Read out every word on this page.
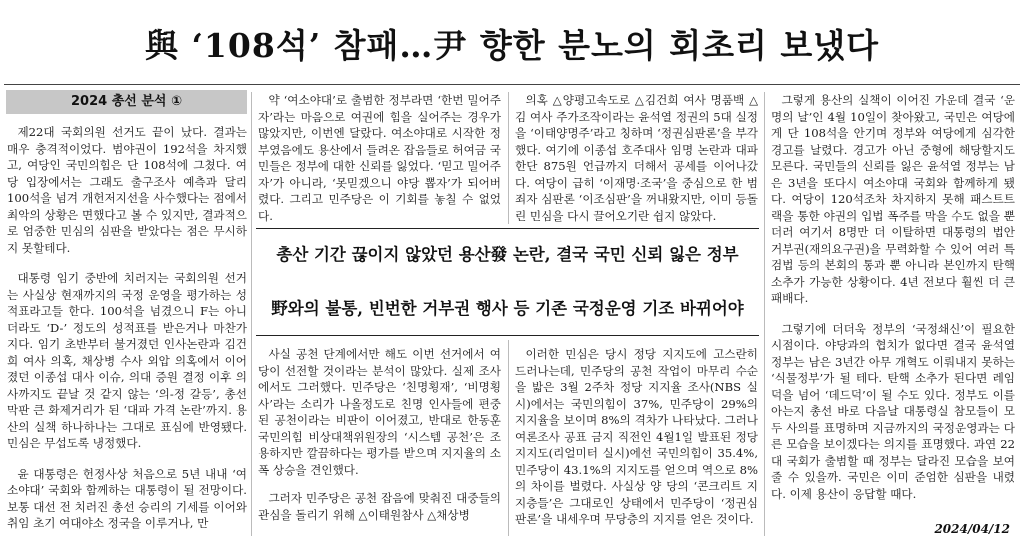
與 ‘108석’ 참패…尹 향한 분노의 회초리 보냈다
2024 총선 분석 ①

제22대 국회의원 선거도 끝이 났다. 결과는 매우 충격적이었다. 범야권이 192석을 차지했고, 여당인 국민의힘은 단 108석에 그쳤다. 여당 입장에서는 그래도 출구조사 예측과 달리 100석을 넘겨 개헌저지선을 사수했다는 점에서 최악의 상황은 면했다고 볼 수 있지만, 결과적으로 엄중한 민심의 심판을 받았다는 점은 무시하지 못할테다.

대통령 임기 중반에 치러지는 국회의원 선거는 사실상 현재까지의 국정 운영을 평가하는 성적표라고들 한다. 100석을 넘겼으니 F는 아니더라도 ‘D-’ 정도의 성적표를 받은거나 마찬가지다. 임기 초반부터 불거졌던 인사논란과 김건희 여사 의혹, 채상병 수사 외압 의혹에서 이어졌던 이종섭 대사 이슈, 의대 증원 결정 이후 의사까지도 끝날 것 같지 않는 ‘의-정 갈등’, 총선 막판 큰 화제거리가 된 ‘대파 가격 논란’까지. 용산의 실책 하나하나는 그대로 표심에 반영됐다. 민심은 무섭도록 냉정했다.

윤 대통령은 헌정사상 처음으로 5년 내내 ‘여소야대’ 국회와 함께하는 대통령이 될 전망이다. 보통 대선 전 치러진 총선 승리의 기세를 이어와 취임 초기 여대야소 정국을 이루거나, 만

약 ‘여소야대’로 출범한 정부라면 ‘한번 밀어주자’라는 마음으로 여권에 힘을 실어주는 경우가 많았지만, 이번엔 달랐다. 여소야대로 시작한 정부였음에도 용산에서 들려온 잡음들로 허여금 국민들은 정부에 대한 신뢰를 잃었다. ‘믿고 밀어주자’가 아니라, ‘못믿겠으니 야당 뽑자’가 되어버렸다. 그리고 민주당은 이 기회를 놓칠 수 없었다.

의혹 △양평고속도로 △김건희 여사 명품백 △김 여사 주가조작이라는 윤석열 정권의 5대 실정을 ‘이태양명주’라고 칭하며 ‘정권심판론’을 부각했다. 여기에 이종섭 호주대사 임명 논란과 대파 한단 875원 언급까지 더해서 공세를 이어나갔다. 여당이 급히 ‘이재명·조국’을 중심으로 한 범죄자 심판론 ‘이조심판’을 꺼내왔지만, 이미 등돌린 민심을 다시 끌어오기란 쉽지 않았다.

총산 기간 끊이지 않았던 용산發 논란, 결국 국민 신뢰 잃은 정부
野와의 불통, 빈번한 거부권 행사 등 기존 국정운영 기조 바뀌어야

사실 공천 단계에서만 해도 이번 선거에서 여당이 선전할 것이라는 분석이 많았다. 실제 조사에서도 그러했다. 민주당은 ‘친명횡재’, ‘비명횡사’라는 소리가 나올정도로 친명 인사들에 편중된 공천이라는 비판이 이어졌고, 반대로 한동훈 국민의힘 비상대책위원장의 ‘시스템 공천’은 조용하지만 깔끔하다는 평가를 받으며 지지율의 소폭 상승을 견인했다.

그러자 민주당은 공천 잡음에 맞춰진 대중들의 관심을 돌리기 위해 △이태원참사 △채상병

이러한 민심은 당시 정당 지지도에 고스란히 드러나는데, 민주당의 공천 작업이 마무리 수순을 밟은 3월 2주차 정당 지지율 조사(NBS 실시)에서는 국민의힘이 37%, 민주당이 29%의 지지율을 보이며 8%의 격차가 나타났다. 그러나 여론조사 공표 금지 직전인 4월1일 발표된 정당 지지도(리얼미터 실시)에선 국민의힘이 35.4%, 민주당이 43.1%의 지지도를 얻으며 역으로 8%의 차이를 벌렸다. 사실상 양 당의 ‘콘크리트 지지층들’은 그대로인 상태에서 민주당이 ‘정권심판론’을 내세우며 무당층의 지지를 얻은 것이다.

그렇게 용산의 실책이 이어진 가운데 결국 ‘운명의 날’인 4월 10일이 찾아왔고, 국민은 여당에게 단 108석을 안기며 정부와 여당에게 심각한 경고를 날렸다. 경고가 아닌 중형에 해당할지도 모른다. 국민들의 신뢰를 잃은 윤석열 정부는 남은 3년을 또다시 여소야대 국회와 함께하게 됐다. 여당이 120석조차 차지하지 못해 패스트트랙을 통한 야권의 입법 폭주를 막을 수도 없을 뿐더러 여기서 8명만 더 이탈하면 대통령의 법안 거부권(재의요구권)을 무력화할 수 있어 여러 특검법 등의 본회의 통과 뿐 아니라 본인까지 탄핵소추가 가능한 상황이다. 4년 전보다 훨씬 더 큰 패배다.

그렇기에 더더욱 정부의 ‘국정쇄신’이 필요한 시점이다. 야당과의 협치가 없다면 결국 윤석열 정부는 남은 3년간 아무 개혁도 이뤄내지 못하는 ‘식물정부’가 될 테다. 탄핵 소추가 된다면 레임덕을 넘어 ‘데드덕’이 될 수도 있다. 정부도 이를 아는지 총선 바로 다음날 대통령실 참모들이 모두 사의를 표명하며 지금까지의 국정운영과는 다른 모습을 보이겠다는 의지를 표명했다. 과연 22대 국회가 출범할 때 정부는 달라진 모습을 보여줄 수 있을까. 국민은 이미 준엄한 심판을 내렸다. 이제 용산이 응답할 때다.

2024/04/12
